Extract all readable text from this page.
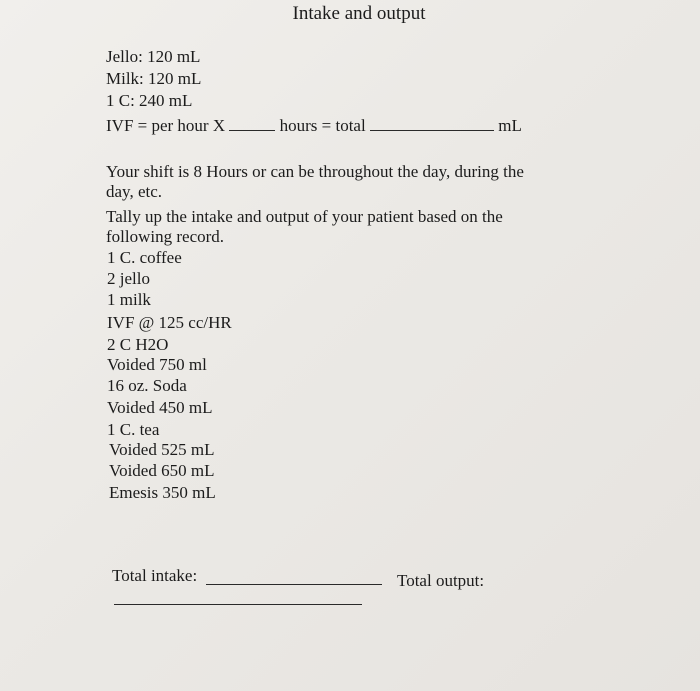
Intake and output
Jello: 120 mL
Milk: 120 mL
1 C: 240 mL
IVF = per hour X	hours = total	mL
Your shift is 8 Hours or can be throughout the day, during the
day, etc.
Tally up the intake and output of your patient based on the
following record.
1 C. coffee
2 jello
1 milk
IVF @ 125 cc/HR
2 C H2O
Voided 750 ml
16 oz. Soda
Voided 450 mL
1 C. tea
Voided 525 mL
Voided 650 mL
Emesis 350 mL
Total intake:	Total output:
